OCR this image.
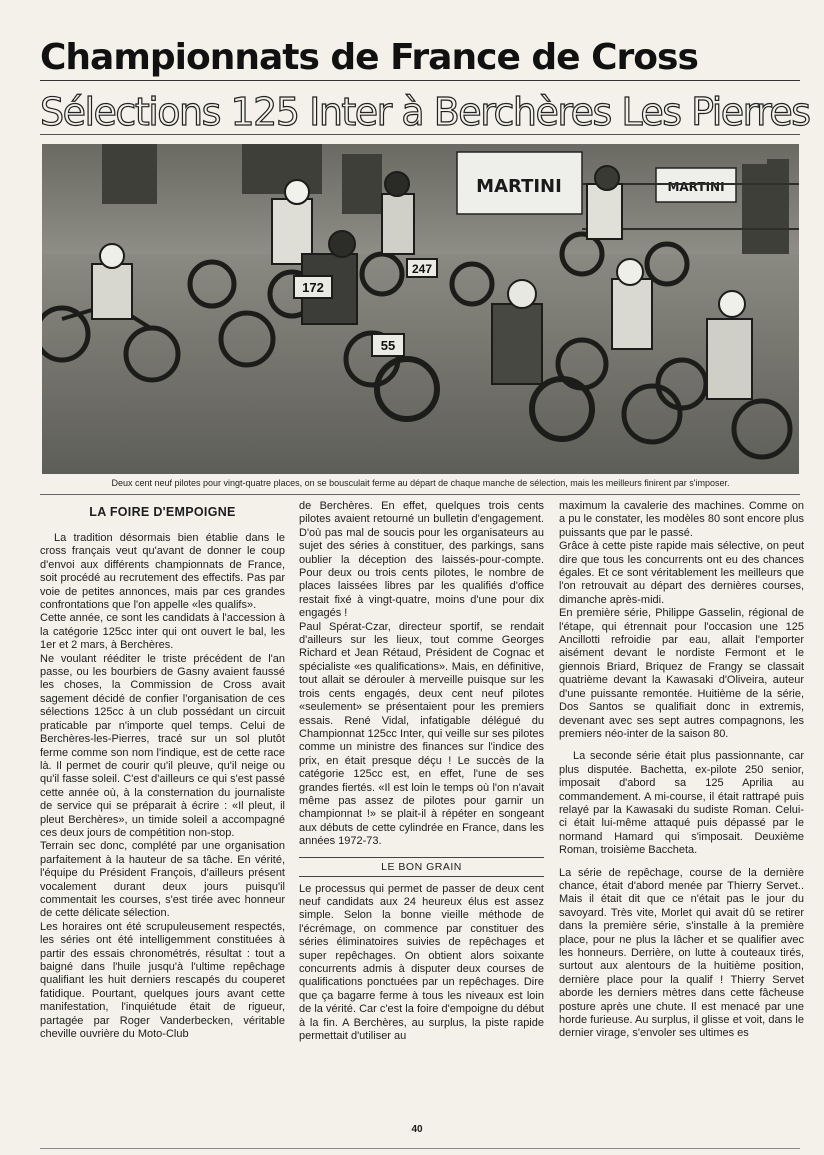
Championnats de France de Cross
Sélections 125 Inter à Berchères Les Pierres
MARTINI	MARTINI
172
247
55
Deux cent neuf pilotes pour vingt-quatre places, on se bousculait ferme au départ de chaque manche de sélection, mais les meilleurs finirent par s'imposer.
LA FOIRE D'EMPOIGNE

La tradition désormais bien établie dans le cross français veut qu'avant de donner le coup d'envoi aux différents championnats de France, soit procédé au recrutement des effectifs. Pas par voie de petites annonces, mais par ces grandes confrontations que l'on appelle «les qualifs».

Cette année, ce sont les candidats à l'accession à la catégorie 125cc inter qui ont ouvert le bal, les 1er et 2 mars, à Berchères.

Ne voulant rééditer le triste précédent de l'an passe, ou les bourbiers de Gasny avaient faussé les choses, la Commission de Cross avait sagement décidé de confier l'organisation de ces sélections 125cc à un club possédant un circuit praticable par n'importe quel temps. Celui de Berchères-les-Pierres, tracé sur un sol plutôt ferme comme son nom l'indique, est de cette race là. Il permet de courir qu'il pleuve, qu'il neige ou qu'il fasse soleil. C'est d'ailleurs ce qui s'est passé cette année où, à la consternation du journaliste de service qui se préparait à écrire : «Il pleut, il pleut Berchères», un timide soleil a accompagné ces deux jours de compétition non-stop.

Terrain sec donc, complété par une organisation parfaitement à la hauteur de sa tâche. En vérité, l'équipe du Président François, d'ailleurs présent vocalement durant deux jours puisqu'il commentait les courses, s'est tirée avec honneur de cette délicate sélection.

Les horaires ont été scrupuleusement respectés, les séries ont été intelligemment constituées à partir des essais chronométrés, résultat : tout a baigné dans l'huile jusqu'à l'ultime repêchage qualifiant les huit derniers rescapés du couperet fatidique. Pourtant, quelques jours avant cette manifestation, l'inquiétude était de rigueur, partagée par Roger Vanderbecken, véritable cheville ouvrière du Moto-Club

de Berchères. En effet, quelques trois cents pilotes avaient retourné un bulletin d'engagement. D'où pas mal de soucis pour les organisateurs au sujet des séries à constituer, des parkings, sans oublier la déception des laissés-pour-compte. Pour deux ou trois cents pilotes, le nombre de places laissées libres par les qualifiés d'office restait fixé à vingt-quatre, moins d'une pour dix engagés !

Paul Spérat-Czar, directeur sportif, se rendait d'ailleurs sur les lieux, tout comme Georges Richard et Jean Rétaud, Président de Cognac et spécialiste «es qualifications». Mais, en définitive, tout allait se dérouler à merveille puisque sur les trois cents engagés, deux cent neuf pilotes «seulement» se présentaient pour les premiers essais. René Vidal, infatigable délégué du Championnat 125cc Inter, qui veille sur ses pilotes comme un ministre des finances sur l'indice des prix, en était presque déçu ! Le succès de la catégorie 125cc est, en effet, l'une de ses grandes fiertés. «Il est loin le temps où l'on n'avait même pas assez de pilotes pour garnir un championnat !» se plait-il à répéter en songeant aux débuts de cette cylindrée en France, dans les années 1972-73.

LE BON GRAIN

Le processus qui permet de passer de deux cent neuf candidats aux 24 heureux élus est assez simple. Selon la bonne vieille méthode de l'écrémage, on commence par constituer des séries éliminatoires suivies de repêchages et super repêchages. On obtient alors soixante concurrents admis à disputer deux courses de qualifications ponctuées par un repêchages. Dire que ça bagarre ferme à tous les niveaux est loin de la vérité. Car c'est la foire d'empoigne du début à la fin. A Berchères, au surplus, la piste rapide permettait d'utiliser au

maximum la cavalerie des machines. Comme on a pu le constater, les modèles 80 sont encore plus puissants que par le passé.

Grâce à cette piste rapide mais sélective, on peut dire que tous les concurrents ont eu des chances égales. Et ce sont véritablement les meilleurs que l'on retrouvait au départ des dernières courses, dimanche après-midi.

En première série, Philippe Gasselin, régional de l'étape, qui étrennait pour l'occasion une 125 Ancillotti refroidie par eau, allait l'emporter aisément devant le nordiste Fermont et le giennois Briard, Briquez de Frangy se classait quatrième devant la Kawasaki d'Oliveira, auteur d'une puissante remontée. Huitième de la série, Dos Santos se qualifiait donc in extremis, devenant avec ses sept autres compagnons, les premiers néo-inter de la saison 80.

La seconde série était plus passionnante, car plus disputée. Bachetta, ex-pilote 250 senior, imposait d'abord sa 125 Aprilia au commandement. A mi-course, il était rattrapé puis relayé par la Kawasaki du sudiste Roman. Celui-ci était lui-même attaqué puis dépassé par le normand Hamard qui s'imposait. Deuxième Roman, troisième Baccheta.

La série de repêchage, course de la dernière chance, était d'abord menée par Thierry Servet.. Mais il était dit que ce n'était pas le jour du savoyard. Très vite, Morlet qui avait dû se retirer dans la première série, s'installe à la première place, pour ne plus la lâcher et se qualifier avec les honneurs. Derrière, on lutte à couteaux tirés, surtout aux alentours de la huitième position, dernière place pour la qualif ! Thierry Servet aborde les derniers mètres dans cette fâcheuse posture après une chute. Il est menacé par une horde furieuse. Au surplus, il glisse et voit, dans le dernier virage, s'envoler ses ultimes es

40
